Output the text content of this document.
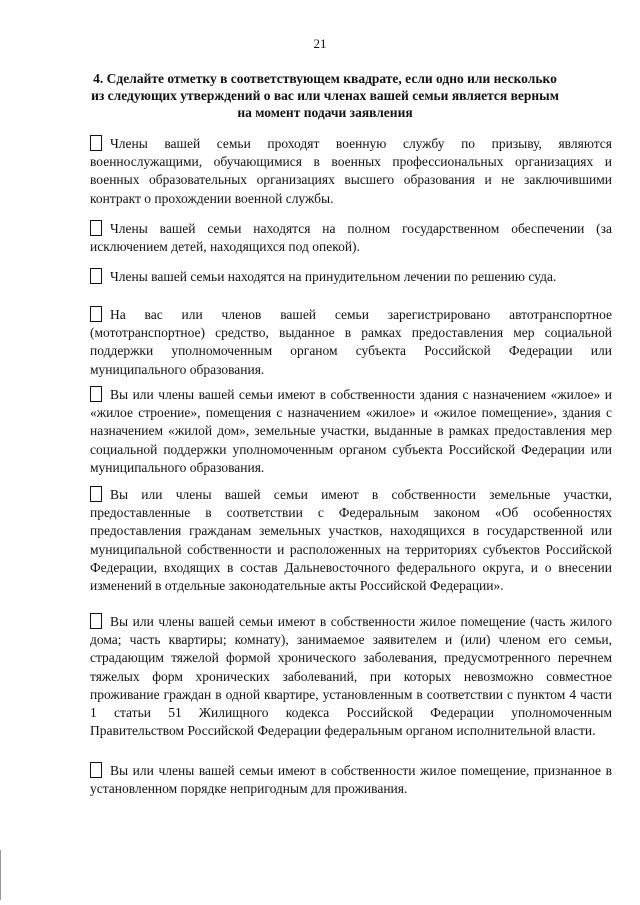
21
4. Сделайте отметку в соответствующем квадрате, если одно или несколько из следующих утверждений о вас или членах вашей семьи является верным на момент подачи заявления
Члены вашей семьи проходят военную службу по призыву, являются военнослужащими, обучающимися в военных профессиональных организациях и военных образовательных организациях высшего образования и не заключившими контракт о прохождении военной службы.
Члены вашей семьи находятся на полном государственном обеспечении (за исключением детей, находящихся под опекой).
Члены вашей семьи находятся на принудительном лечении по решению суда.
На вас или членов вашей семьи зарегистрировано автотранспортное (мототранспортное) средство, выданное в рамках предоставления мер социальной поддержки уполномоченным органом субъекта Российской Федерации или муниципального образования.
Вы или члены вашей семьи имеют в собственности здания с назначением «жилое» и «жилое строение», помещения с назначением «жилое» и «жилое помещение», здания с назначением «жилой дом», земельные участки, выданные в рамках предоставления мер социальной поддержки уполномоченным органом субъекта Российской Федерации или муниципального образования.
Вы или члены вашей семьи имеют в собственности земельные участки, предоставленные в соответствии с Федеральным законом «Об особенностях предоставления гражданам земельных участков, находящихся в государственной или муниципальной собственности и расположенных на территориях субъектов Российской Федерации, входящих в состав Дальневосточного федерального округа, и о внесении изменений в отдельные законодательные акты Российской Федерации».
Вы или члены вашей семьи имеют в собственности жилое помещение (часть жилого дома; часть квартиры; комнату), занимаемое заявителем и (или) членом его семьи, страдающим тяжелой формой хронического заболевания, предусмотренного перечнем тяжелых форм хронических заболеваний, при которых невозможно совместное проживание граждан в одной квартире, установленным в соответствии с пунктом 4 части 1 статьи 51 Жилищного кодекса Российской Федерации уполномоченным Правительством Российской Федерации федеральным органом исполнительной власти.
Вы или члены вашей семьи имеют в собственности жилое помещение, признанное в установленном порядке непригодным для проживания.
